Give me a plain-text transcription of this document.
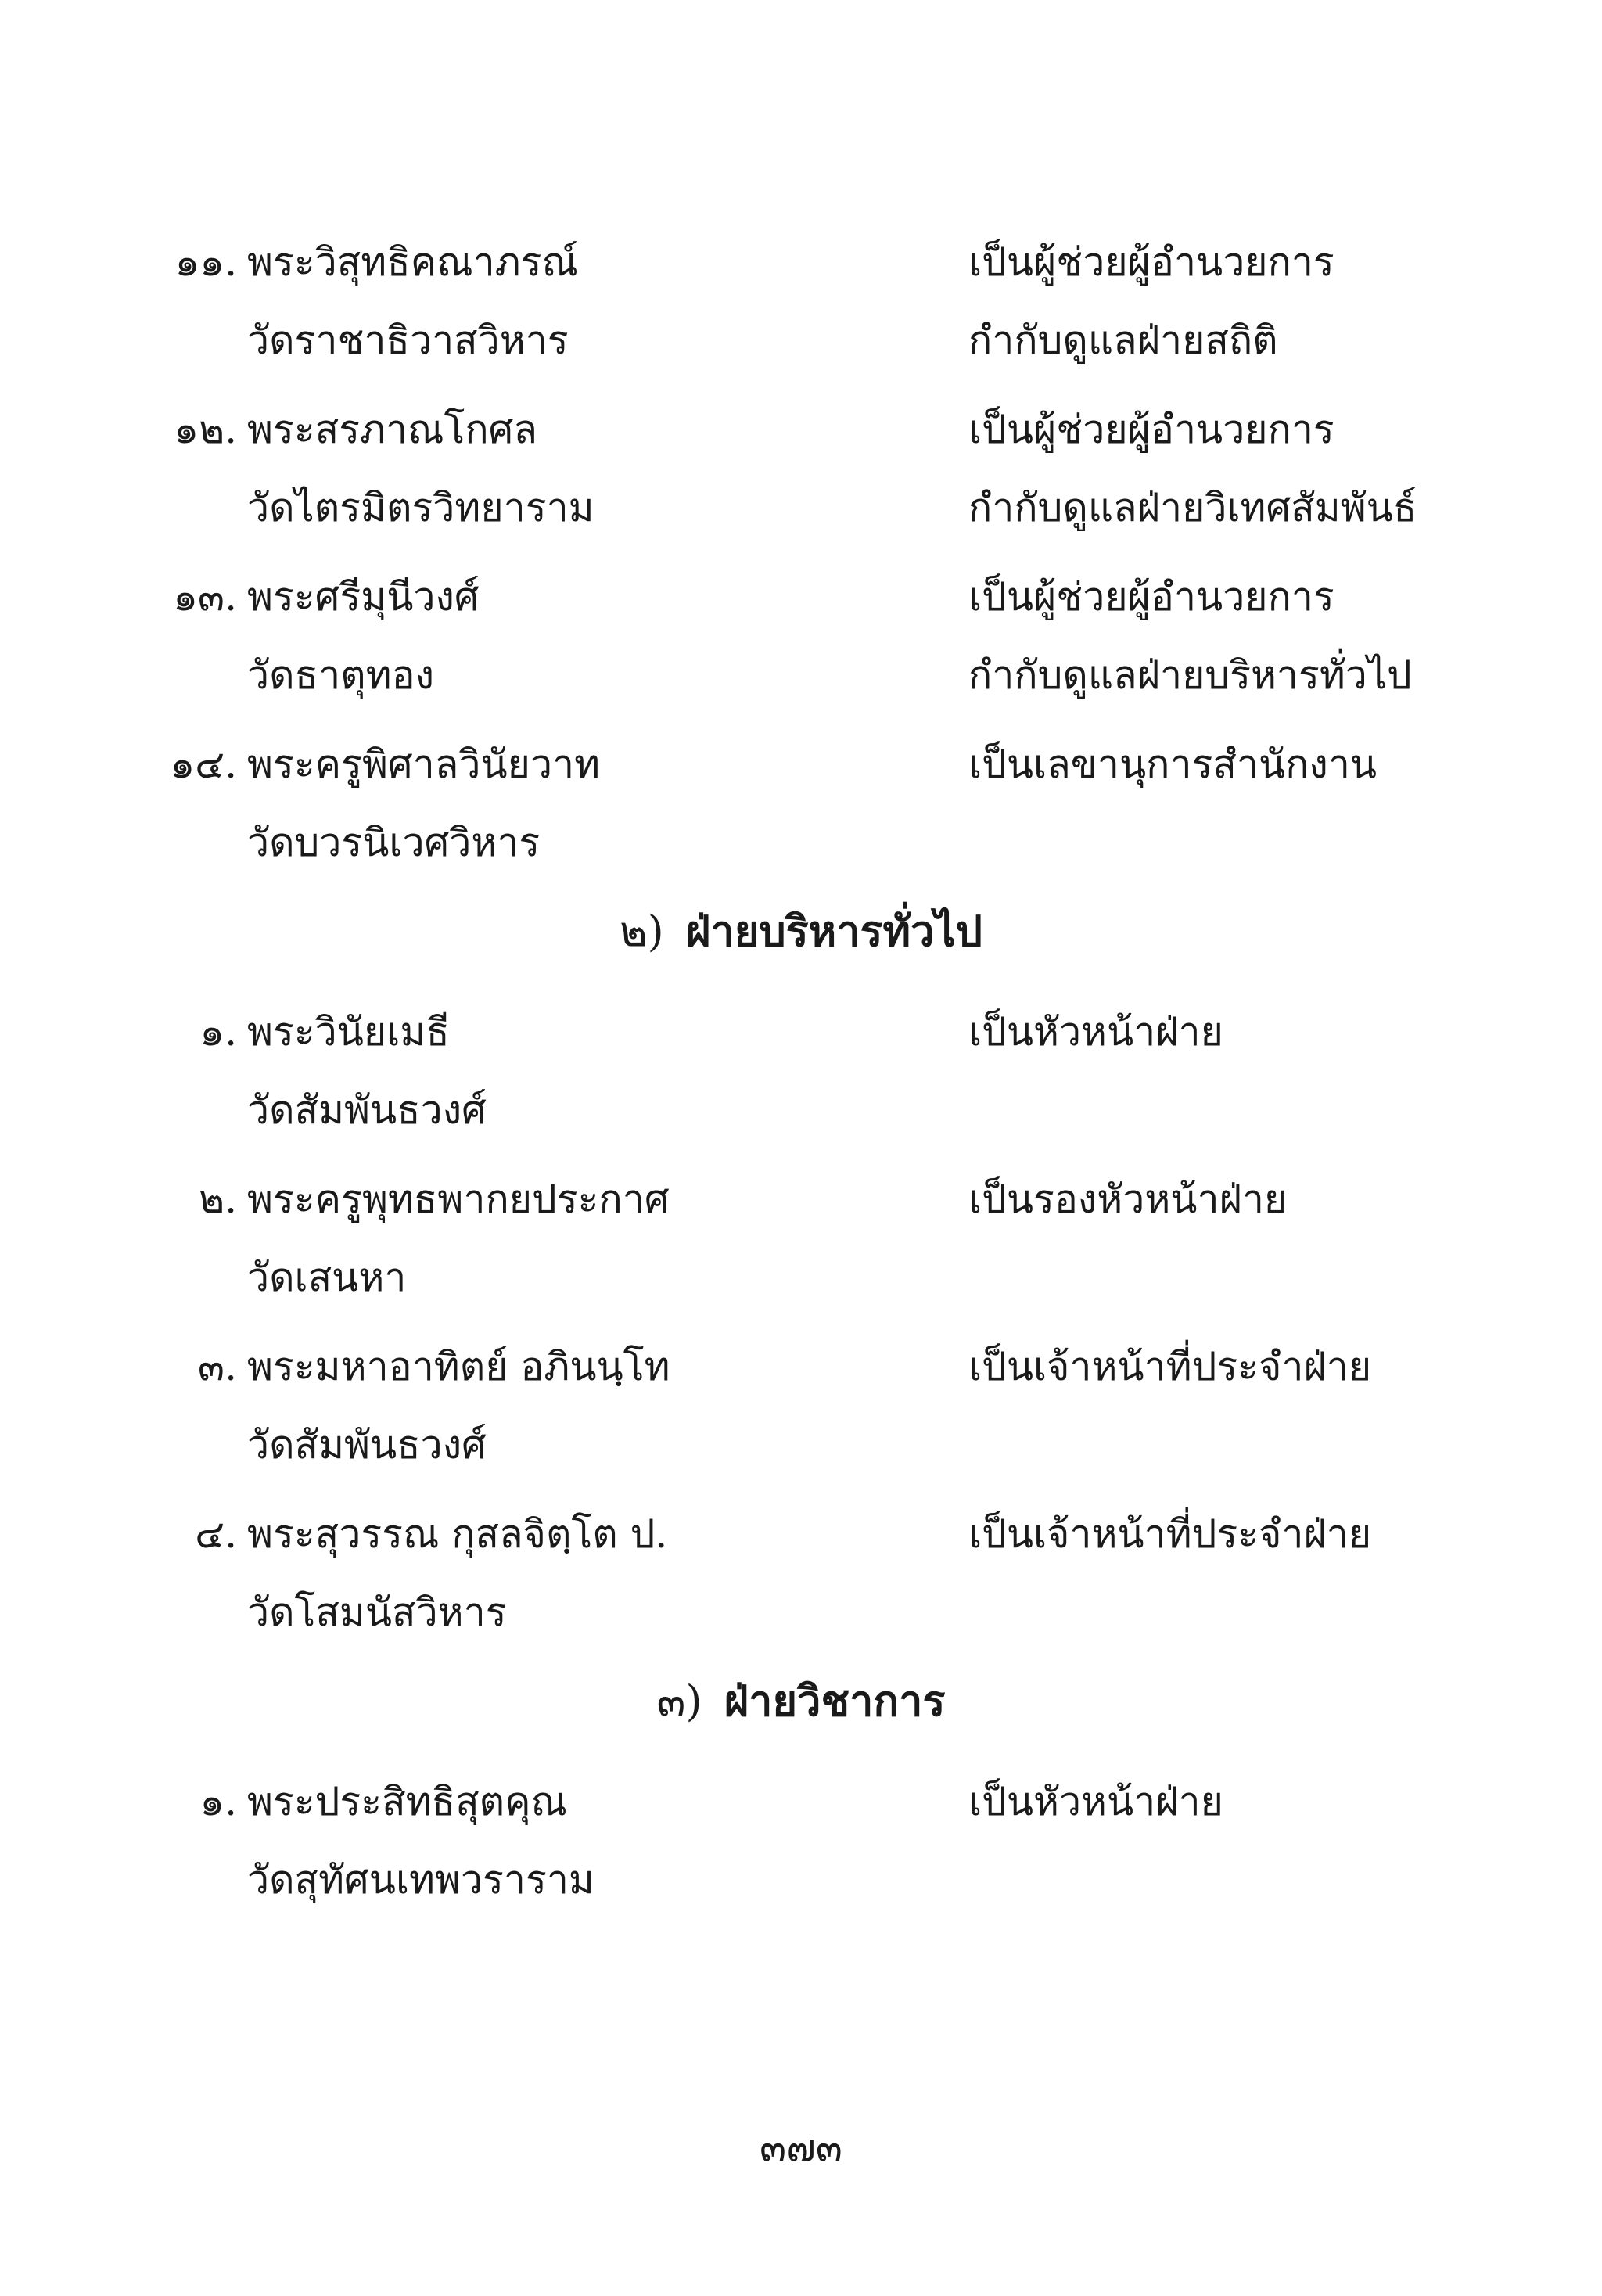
๑๑. พระวิสุทธิคณาภรณ์
วัดราชาธิวาสวิหาร
เป็นผู้ช่วยผู้อำนวยการ
กำกับดูแลฝ่ายสถิติ
๑๒. พระสรภาณโกศล
วัดไตรมิตรวิทยาราม
เป็นผู้ช่วยผู้อำนวยการ
กำกับดูแลฝ่ายวิเทศสัมพันธ์
๑๓. พระศรีมุนีวงศ์
วัดธาตุทอง
เป็นผู้ช่วยผู้อำนวยการ
กำกับดูแลฝ่ายบริหารทั่วไป
๑๔. พระครูพิศาลวินัยวาท
วัดบวรนิเวศวิหาร
เป็นเลขานุการสำนักงาน
๒) ฝ่ายบริหารทั่วไป
๑. พระวินัยเมธี
วัดสัมพันธวงศ์
เป็นหัวหน้าฝ่าย
๒. พระครูพุทธพากยประกาศ
วัดเสนหา
เป็นรองหัวหน้าฝ่าย
๓. พระมหาอาทิตย์ อภินนฺโท
วัดสัมพันธวงศ์
เป็นเจ้าหน้าที่ประจำฝ่าย
๔. พระสุวรรณ กุสลจิตฺโต ป.
วัดโสมนัสวิหาร
เป็นเจ้าหน้าที่ประจำฝ่าย
๓) ฝ่ายวิชาการ
๑. พระประสิทธิสุตคุณ
วัดสุทัศนเทพวราราม
เป็นหัวหน้าฝ่าย
๓๗๓
